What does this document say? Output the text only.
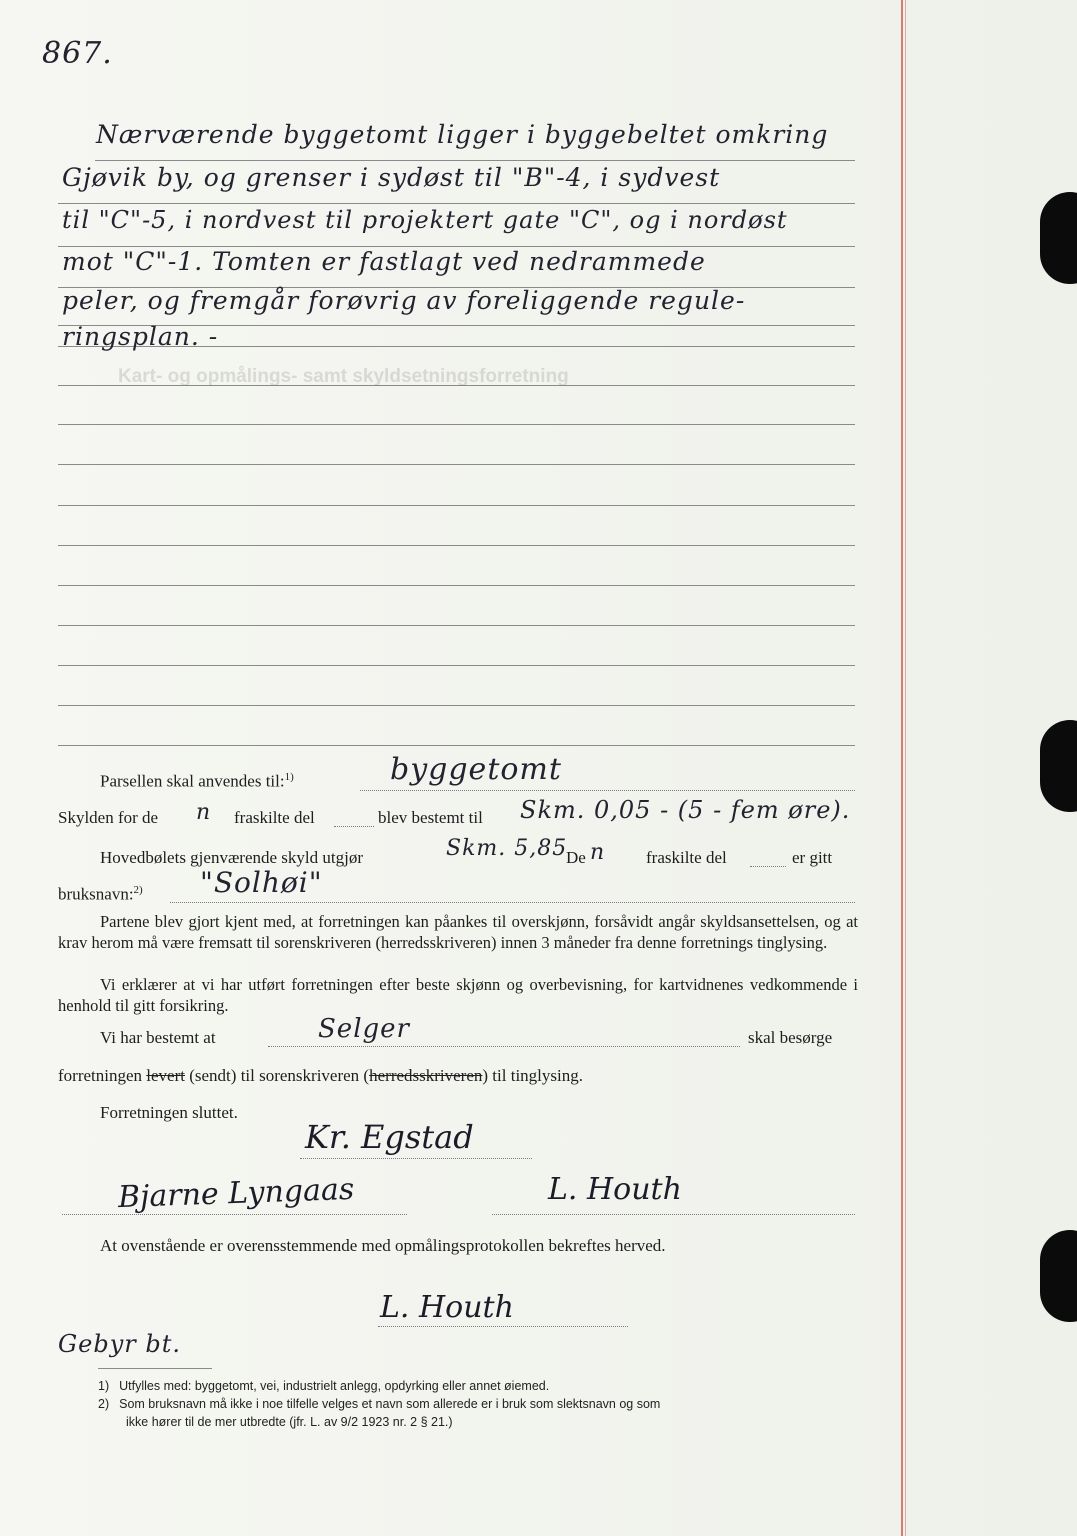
867.
Kart- og opmålings- samt skyldsetningsforretning
Nærværende byggetomt ligger i byggebeltet omkring
Gjøvik by, og grenser i sydøst til "B"-4, i sydvest
til "C"-5, i nordvest til projektert gate "C", og i nordøst
mot "C"-1. Tomten er fastlagt ved nedrammede
peler, og fremgår forøvrig av foreliggende regule-
ringsplan. -
Parsellen skal anvendes til:$^{1)}$	byggetomt
Skylden for de n fraskilte del	blev bestemt til Skm. 0,05 - (5 - fem øre).
Hovedbølets gjenværende skyld utgjør	Skm. 5,85
De n fraskilte del	er gitt
bruksnavn:$^{2)}$ "Solhøi"
Partene blev gjort kjent med, at forretningen kan påankes til overskjønn, forsåvidt angår skyldsansettelsen, og at krav herom må være fremsatt til sorenskriveren (herredsskriveren) innen 3 måneder fra denne forretnings tinglysing.
Vi erklærer at vi har utført forretningen efter beste skjønn og overbevisning, for kartvidnenes vedkommende i henhold til gitt forsikring.
Vi har bestemt at	Selger	skal besørge
forretningen levert (sendt) til sorenskriveren (herredsskriveren) til tinglysing.
Forretningen sluttet.
Kr. Egstad
Bjarne Lyngaas	L. Houth
At ovenstående er overensstemmende med opmålingsprotokollen bekreftes herved.
L. Houth
Gebyr bt.
1) Utfylles med: byggetomt, vei, industrielt anlegg, opdyrking eller annet øiemed.
2) Som bruksnavn må ikke i noe tilfelle velges et navn som allerede er i bruk som slektsnavn og som
ikke hører til de mer utbredte (jfr. L. av 9/2 1923 nr. 2 § 21.)
